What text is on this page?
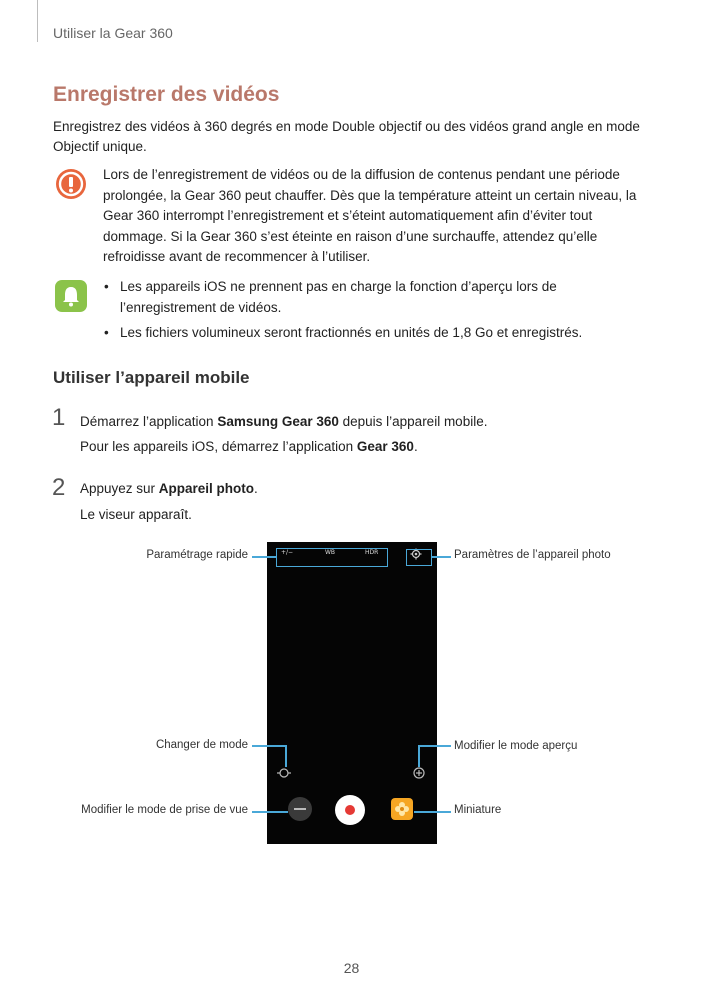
Utiliser la Gear 360
Enregistrer des vidéos
Enregistrez des vidéos à 360 degrés en mode Double objectif ou des vidéos grand angle en mode Objectif unique.
Lors de l’enregistrement de vidéos ou de la diffusion de contenus pendant une période prolongée, la Gear 360 peut chauffer. Dès que la température atteint un certain niveau, la Gear 360 interrompt l’enregistrement et s’éteint automatiquement afin d’éviter tout dommage. Si la Gear 360 s’est éteinte en raison d’une surchauffe, attendez qu’elle refroidisse avant de recommencer à l’utiliser.
• Les appareils iOS ne prennent pas en charge la fonction d’aperçu lors de l’enregistrement de vidéos.
• Les fichiers volumineux seront fractionnés en unités de 1,8 Go et enregistrés.
Utiliser l’appareil mobile
1 Démarrez l’application Samsung Gear 360 depuis l’appareil mobile.
Pour les appareils iOS, démarrez l’application Gear 360.
2 Appuyez sur Appareil photo.
Le viseur apparaît.
+/−	WB	HDR
Paramétrage rapide	Paramètres de l’appareil photo
Changer de mode	Modifier le mode aperçu
Modifier le mode de prise de vue	Miniature
28
